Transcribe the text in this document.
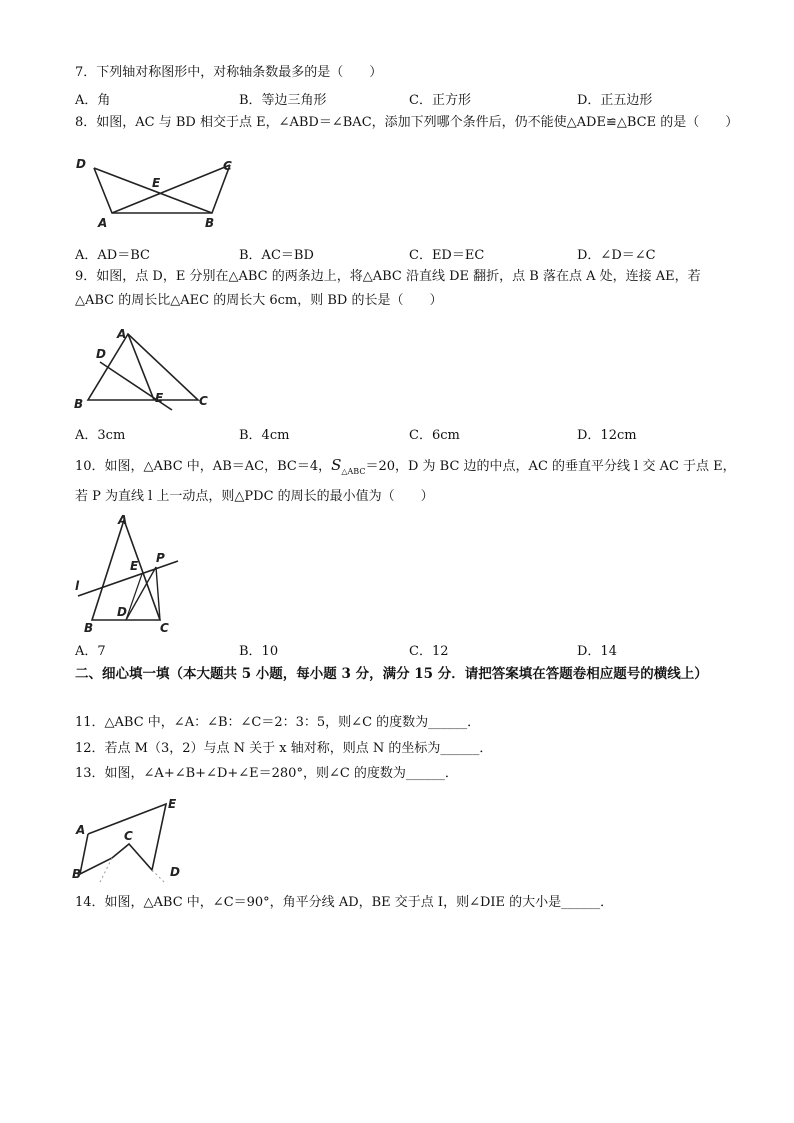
7．下列轴对称图形中，对称轴条数最多的是（　　）
A．角	B．等边三角形	C．正方形	D．正五边形
8．如图，AC 与 BD 相交于点 E，∠ABD＝∠BAC，添加下列哪个条件后，仍不能使△ADE≌△BCE 的是（　　）
D	C
E
A	B
A．AD＝BC	B．AC＝BD	C．ED＝EC	D．∠D＝∠C
9．如图，点 D，E 分别在△ABC 的两条边上，将△ABC 沿直线 DE 翻折，点 B 落在点 A 处，连接 AE，若
△ABC 的周长比△AEC 的周长大 6cm，则 BD 的长是（　　）
A
D
B	E	C
A．3cm	B．4cm	C．6cm	D．12cm
10．如图，△ABC 中，AB＝AC，BC＝4，$S_{\triangle ABC}=20$，D 为 BC 边的中点，AC 的垂直平分线 l 交 AC 于点 E，
若 P 为直线 l 上一动点，则△PDC 的周长的最小值为（　　）
A
E
P
l
D
B	C
A．7	B．10	C．12	D．14
二、细心填一填（本大题共 5 小题，每小题 3 分，满分 15 分．请把答案填在答题卷相应题号的横线上）
11．△ABC 中，∠A：∠B：∠C＝2：3：5，则∠C 的度数为______．
12．若点 M（3，2）与点 N 关于 x 轴对称，则点 N 的坐标为______．
13．如图，∠A+∠B+∠D+∠E＝280°，则∠C 的度数为______．
E
A	C
B	D
14．如图，△ABC 中，∠C＝90°，角平分线 AD，BE 交于点 I，则∠DIE 的大小是______．
